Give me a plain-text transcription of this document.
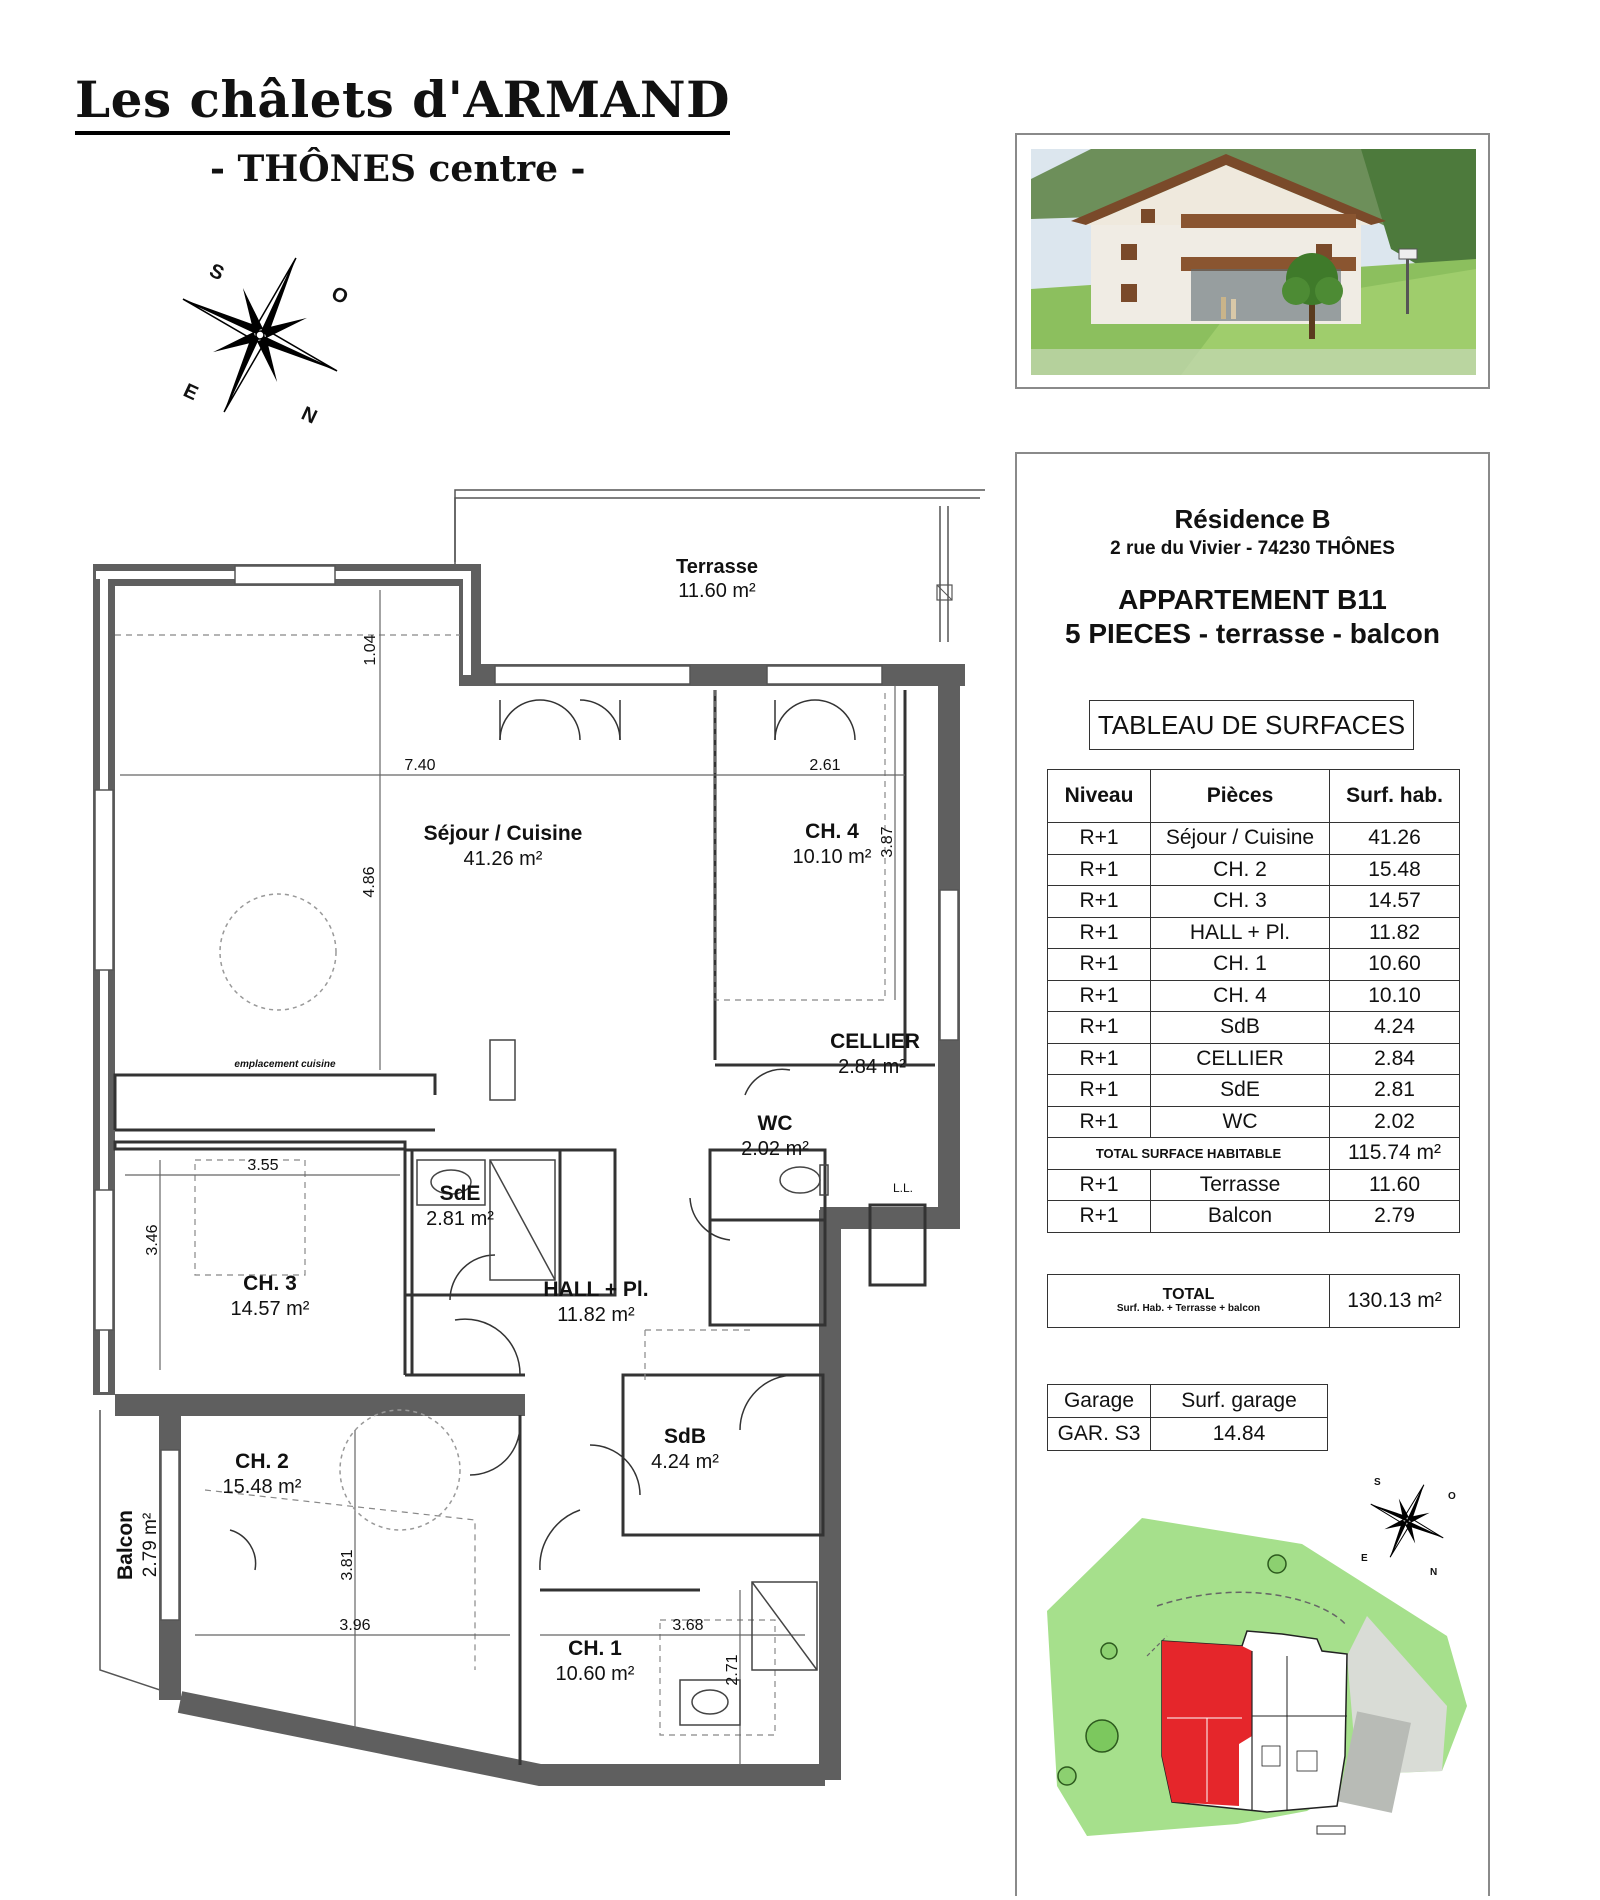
Les châlets d'ARMAND
- THÔNES centre -
S
O
E
N
Résidence B
2 rue du Vivier - 74230 THÔNES
APPARTEMENT B11
5 PIECES - terrasse - balcon
TABLEAU DE SURFACES
Niveau	Pièces	Surf. hab.
R+1	Séjour / Cuisine	41.26
R+1	CH. 2	15.48
R+1	CH. 3	14.57
R+1	HALL + Pl.	11.82
R+1	CH. 1	10.60
R+1	CH. 4	10.10
R+1	SdB	4.24
R+1	CELLIER	2.84
R+1	SdE	2.81
R+1	WC	2.02
TOTAL SURFACE HABITABLE		115.74 m²
R+1	Terrasse	11.60
R+1	Balcon	2.79
TOTAL
Surf. Hab. + Terrasse + balcon	130.13 m²
Garage	Surf. garage
GAR. S3	14.84
S
O
E
N
Terrasse
11.60 m²
Séjour / Cuisine
41.26 m²
CH. 4
10.10 m²
CELLIER
2.84 m²
WC
2.02 m²
SdE
2.81 m²
CH. 3
14.57 m²
HALL + Pl.
11.82 m²
SdB
4.24 m²
CH. 2
15.48 m²
CH. 1
10.60 m²
Balcon 2.79 m²
emplacement cuisine
L.L.
1.04
7.40	2.61
4.86
3.87
3.55
3.46
3.81
3.96	3.68
2.71
